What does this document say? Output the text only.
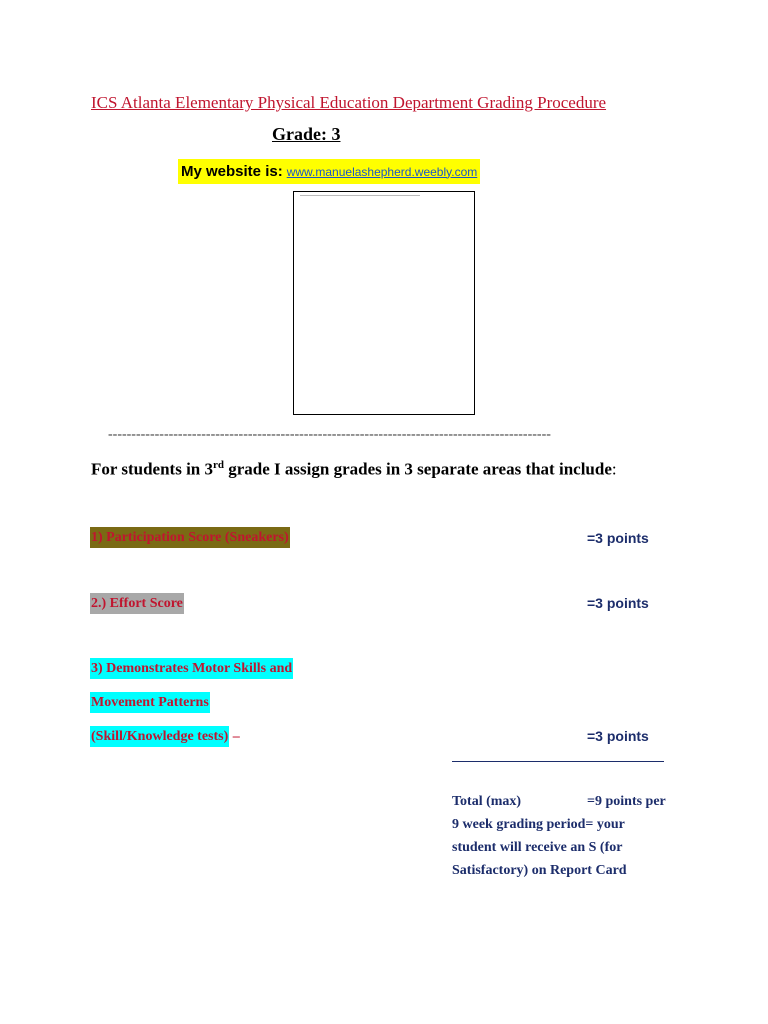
ICS Atlanta Elementary Physical Education Department Grading Procedure
Grade: 3
My website is: www.manuelashepherd.weebly.com
-----------------------------------------------------------------------------------------------
For students in 3rd grade I assign grades in 3 separate areas that include:
1) Participation Score (Sneakers)	=3 points
2.) Effort Score	=3 points
3) Demonstrates Motor Skills and
Movement Patterns
(Skill/Knowledge tests) –	=3 points
Total (max)	=9 points per
9 week grading period= your
student will receive an S (for
Satisfactory) on Report Card
